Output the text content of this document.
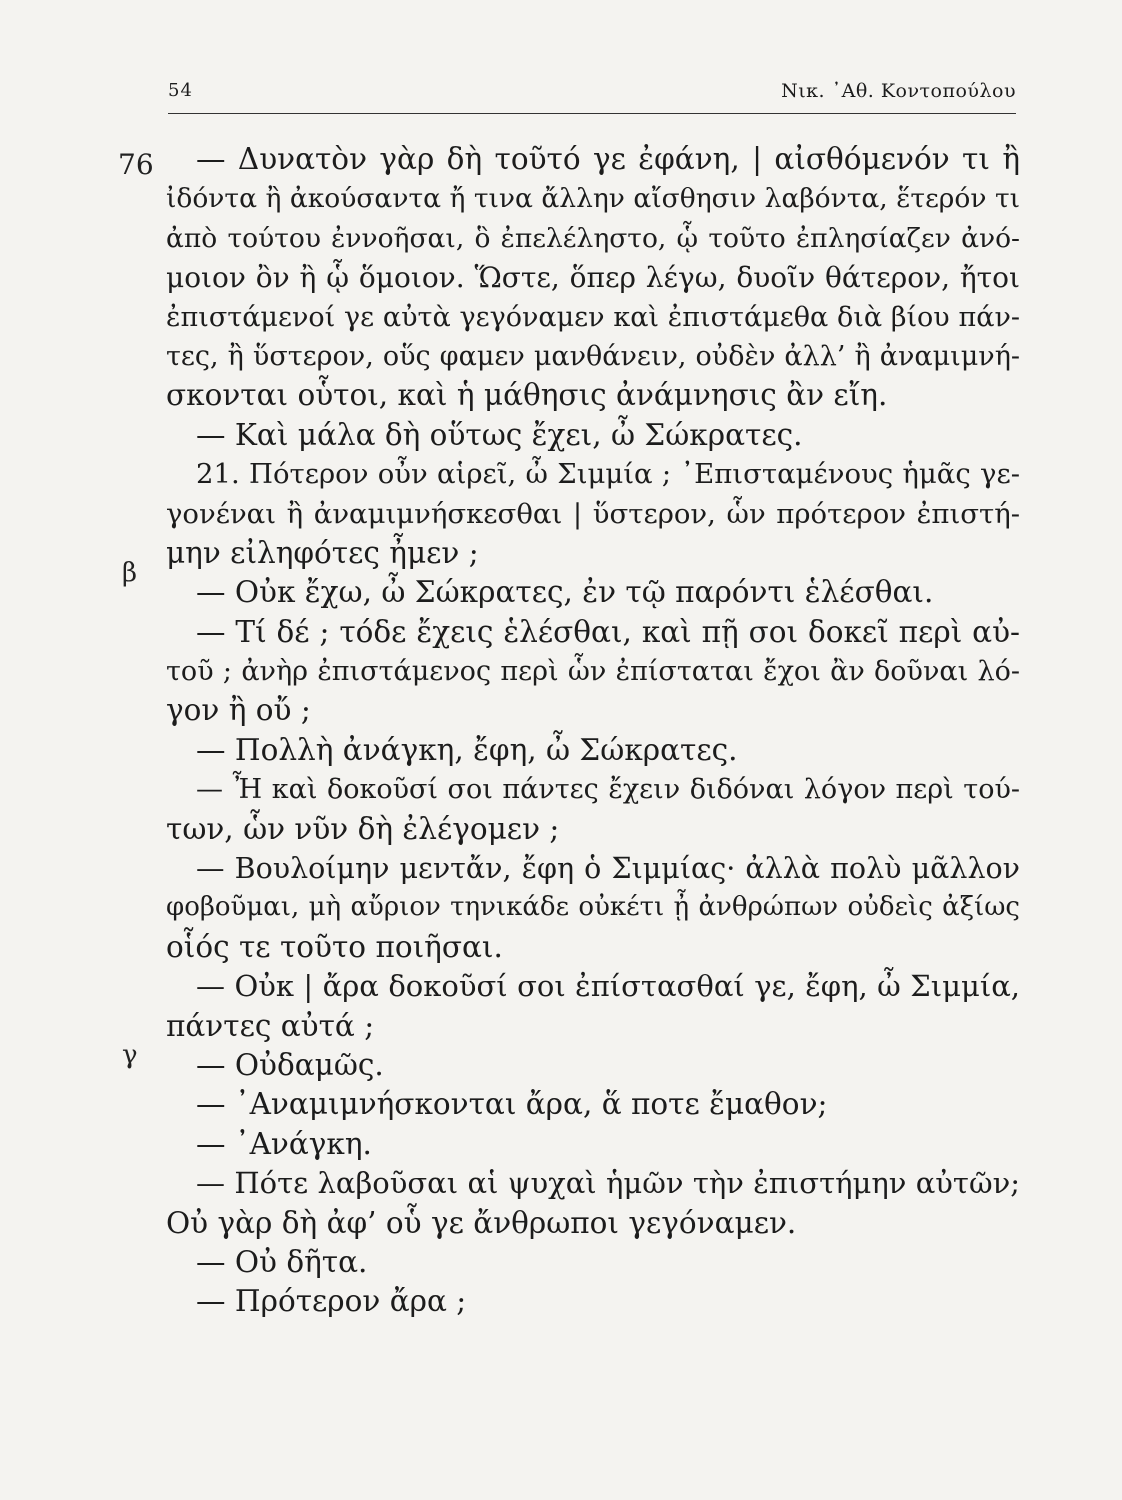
54	Νικ. ᾿Αθ. Κοντοπούλου
76
β
γ
— Δυνατὸν γὰρ δὴ τοῦτό γε ἐφάνη, | αἰσθόμενόν τι ἢ
ἰδόντα ἢ ἀκούσαντα ἤ τινα ἄλλην αἴσθησιν λαβόντα, ἕτερόν τι
ἀπὸ τούτου ἐννοῆσαι, ὃ ἐπελέληστο, ᾧ τοῦτο ἐπλησίαζεν ἀνό-
μοιον ὂν ἢ ᾧ ὅμοιον. Ὥστε, ὅπερ λέγω, δυοῖν θάτερον, ἤτοι
ἐπιστάμενοί γε αὐτὰ γεγόναμεν καὶ ἐπιστάμεθα διὰ βίου πάν-
τες, ἢ ὕστερον, οὕς φαμεν μανθάνειν, οὐδὲν ἀλλ’ ἢ ἀναμιμνή-
σκονται οὗτοι, καὶ ἡ μάθησις ἀνάμνησις ἂν εἴη.
— Καὶ μάλα δὴ οὕτως ἔχει, ὦ Σώκρατες.
21. Πότερον οὖν αἱρεῖ, ὦ Σιμμία ; ᾿Επισταμένους ἡμᾶς γε-
γονέναι ἢ ἀναμιμνήσκεσθαι | ὕστερον, ὧν πρότερον ἐπιστή-
μην εἰληφότες ἦμεν ;
— Οὐκ ἔχω, ὦ Σώκρατες, ἐν τῷ παρόντι ἑλέσθαι.
— Τί δέ ; τόδε ἔχεις ἑλέσθαι, καὶ πῇ σοι δοκεῖ περὶ αὐ-
τοῦ ; ἀνὴρ ἐπιστάμενος περὶ ὧν ἐπίσταται ἔχοι ἂν δοῦναι λό-
γον ἢ οὔ ;
— Πολλὴ ἀνάγκη, ἔφη, ὦ Σώκρατες.
— Ἦ καὶ δοκοῦσί σοι πάντες ἔχειν διδόναι λόγον περὶ τού-
των, ὧν νῦν δὴ ἐλέγομεν ;
— Βουλοίμην μεντἄν, ἔφη ὁ Σιμμίας· ἀλλὰ πολὺ μᾶλλον
φοβοῦμαι, μὴ αὔριον τηνικάδε οὐκέτι ᾖ ἀνθρώπων οὐδεὶς ἀξίως
οἷός τε τοῦτο ποιῆσαι.
— Οὐκ | ἄρα δοκοῦσί σοι ἐπίστασθαί γε, ἔφη, ὦ Σιμμία,
πάντες αὐτά ;
— Οὐδαμῶς.
— ᾿Αναμιμνήσκονται ἄρα, ἅ ποτε ἔμαθον;
— ᾿Ανάγκη.
— Πότε λαβοῦσαι αἱ ψυχαὶ ἡμῶν τὴν ἐπιστήμην αὐτῶν;
Οὐ γὰρ δὴ ἀφ’ οὗ γε ἄνθρωποι γεγόναμεν.
— Οὐ δῆτα.
— Πρότερον ἄρα ;
